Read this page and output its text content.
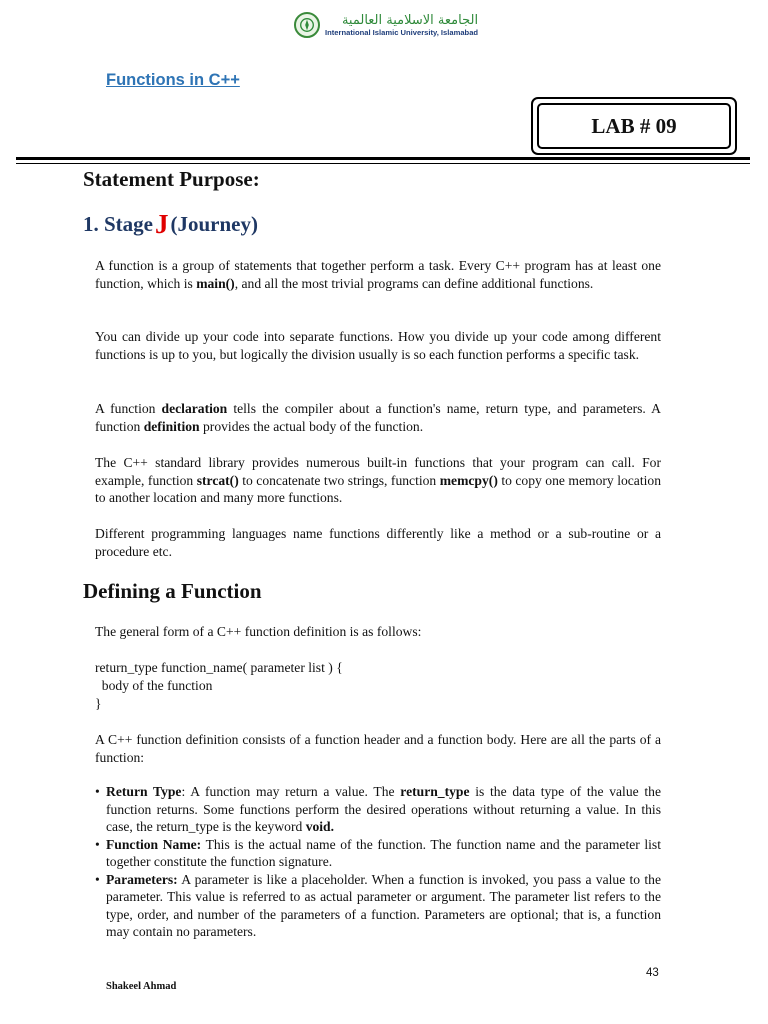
الجامعة الاسلامية العالمية
International Islamic University, Islamabad
Functions in C++
LAB # 09
Statement Purpose:
1. StageJ(Journey)
A function is a group of statements that together perform a task. Every C++ program has at least one function, which is main(), and all the most trivial programs can define additional functions.
You can divide up your code into separate functions. How you divide up your code among different functions is up to you, but logically the division usually is so each function performs a specific task.
A function declaration tells the compiler about a function's name, return type, and parameters. A function definition provides the actual body of the function.
The C++ standard library provides numerous built-in functions that your program can call. For example, function strcat() to concatenate two strings, function memcpy() to copy one memory location to another location and many more functions.
Different programming languages name functions differently like a method or a sub-routine or a procedure etc.
Defining a Function
The general form of a C++ function definition is as follows:
return_type function_name( parameter list ) {
body of the function
}
A C++ function definition consists of a function header and a function body. Here are all the parts of a function:
• Return Type: A function may return a value. The return_type is the data type of the value the function returns. Some functions perform the desired operations without returning a value. In this case, the return_type is the keyword void.
• Function Name: This is the actual name of the function. The function name and the parameter list together constitute the function signature.
• Parameters: A parameter is like a placeholder. When a function is invoked, you pass a value to the parameter. This value is referred to as actual parameter or argument. The parameter list refers to the type, order, and number of the parameters of a function. Parameters are optional; that is, a function may contain no parameters.
43
Shakeel Ahmad
